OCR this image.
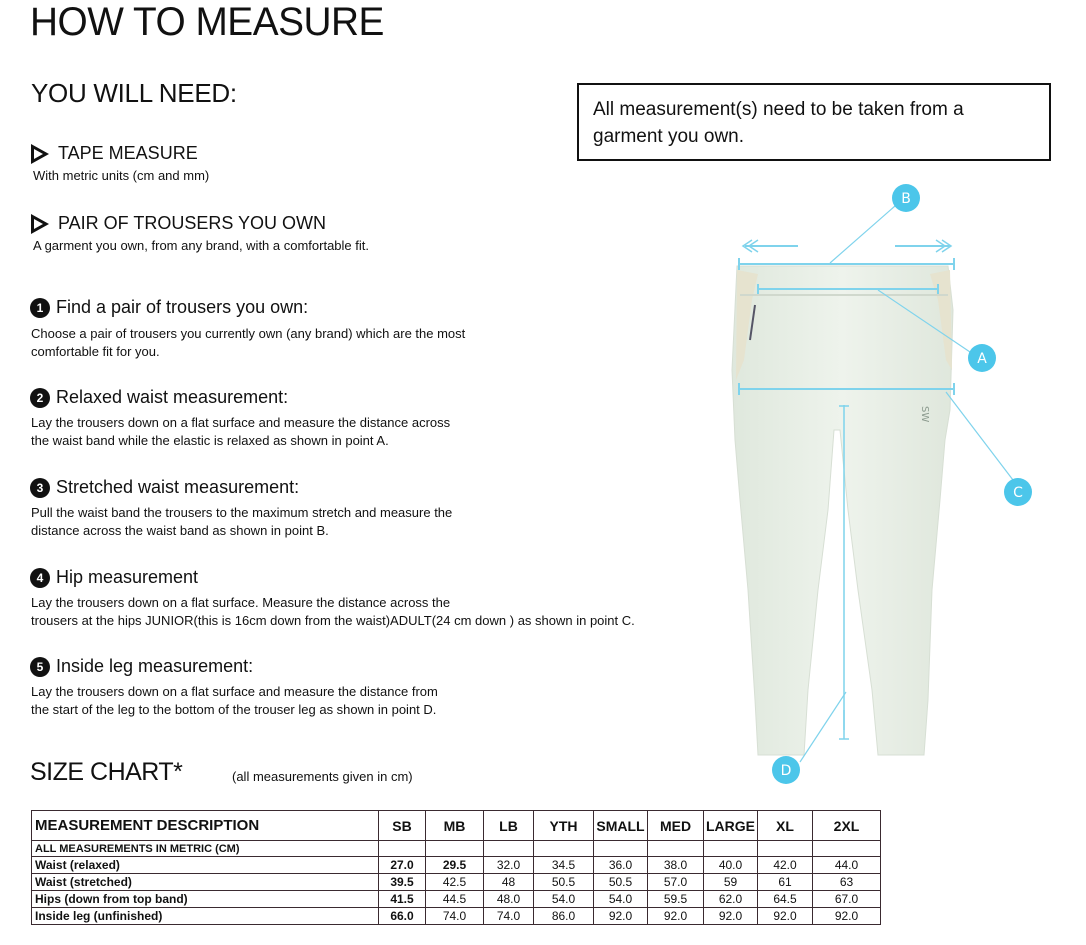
HOW TO MEASURE
YOU WILL NEED:
TAPE MEASURE
With metric units (cm and mm)
PAIR OF TROUSERS YOU OWN
A garment you own, from any brand, with a comfortable fit.
All measurement(s) need to be taken from a
garment you own.
1 Find a pair of trousers you own:
Choose a pair of trousers you currently own (any brand) which are the most
comfortable fit for you.
2 Relaxed waist measurement:
Lay the trousers down on a flat surface and measure the distance across
the waist band while the elastic is relaxed as shown in point A.
3 Stretched waist measurement:
Pull the waist band the trousers to the maximum stretch and measure the
distance across the waist band as shown in point B.
4 Hip measurement
Lay the trousers down on a flat surface. Measure the distance across the
trousers at the hips JUNIOR(this is 16cm down from the waist)ADULT(24 cm down ) as shown in point C.
5 Inside leg measurement:
Lay the trousers down on a flat surface and measure the distance from
the start of the leg to the bottom of the trouser leg as shown in point D.
SW
B
A
C
D
SIZE CHART*	(all measurements given in cm)
MEASUREMENT DESCRIPTION	SB	MB	LB	YTH	SMALL	MED	LARGE	XL	2XL
ALL MEASUREMENTS IN METRIC (CM)									
Waist (relaxed)	27.0	29.5	32.0	34.5	36.0	38.0	40.0	42.0	44.0
Waist (stretched)	39.5	42.5	48	50.5	50.5	57.0	59	61	63
Hips (down from top band)	41.5	44.5	48.0	54.0	54.0	59.5	62.0	64.5	67.0
Inside leg (unfinished)	66.0	74.0	74.0	86.0	92.0	92.0	92.0	92.0	92.0
